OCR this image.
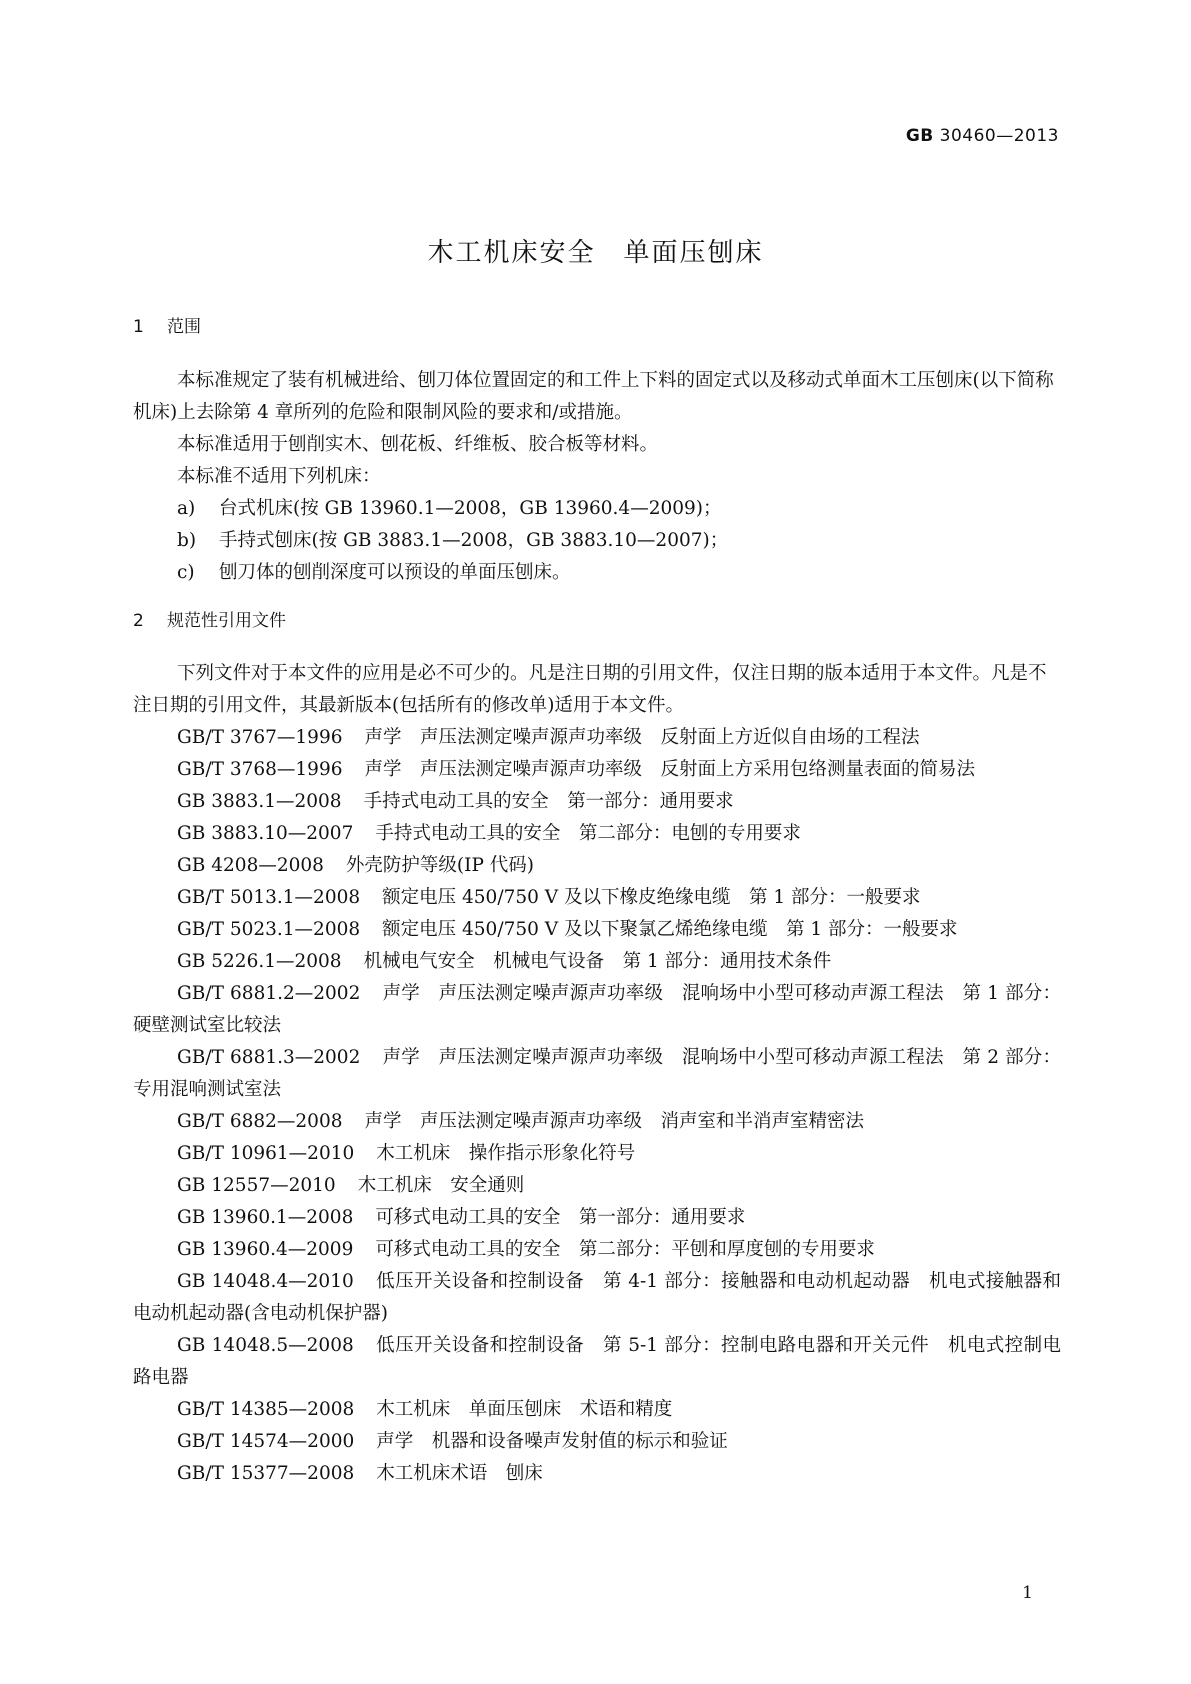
GB 30460—2013
木工机床安全 单面压刨床
1 范围

本标准规定了装有机械进给、刨刀体位置固定的和工件上下料的固定式以及移动式单面木工压刨床(以下简称机床)上去除第 4 章所列的危险和限制风险的要求和/或措施。

本标准适用于刨削实木、刨花板、纤维板、胶合板等材料。

本标准不适用下列机床：

a) 台式机床(按 GB 13960.1—2008，GB 13960.4—2009)；

b) 手持式刨床(按 GB 3883.1—2008，GB 3883.10—2007)；

c) 刨刀体的刨削深度可以预设的单面压刨床。

2 规范性引用文件

下列文件对于本文件的应用是必不可少的。凡是注日期的引用文件，仅注日期的版本适用于本文件。凡是不注日期的引用文件，其最新版本(包括所有的修改单)适用于本文件。

GB/T 3767—1996 声学　声压法测定噪声源声功率级　反射面上方近似自由场的工程法

GB/T 3768—1996 声学　声压法测定噪声源声功率级　反射面上方采用包络测量表面的简易法

GB 3883.1—2008 手持式电动工具的安全　第一部分：通用要求

GB 3883.10—2007 手持式电动工具的安全　第二部分：电刨的专用要求

GB 4208—2008 外壳防护等级(IP 代码)

GB/T 5013.1—2008 额定电压 450/750 V 及以下橡皮绝缘电缆　第 1 部分：一般要求

GB/T 5023.1—2008 额定电压 450/750 V 及以下聚氯乙烯绝缘电缆　第 1 部分：一般要求

GB 5226.1—2008 机械电气安全　机械电气设备　第 1 部分：通用技术条件

GB/T 6881.2—2002 声学　声压法测定噪声源声功率级　混响场中小型可移动声源工程法　第 1 部分：硬壁测试室比较法

GB/T 6881.3—2002 声学　声压法测定噪声源声功率级　混响场中小型可移动声源工程法　第 2 部分：专用混响测试室法

GB/T 6882—2008 声学　声压法测定噪声源声功率级　消声室和半消声室精密法

GB/T 10961—2010 木工机床　操作指示形象化符号

GB 12557—2010 木工机床　安全通则

GB 13960.1—2008 可移式电动工具的安全　第一部分：通用要求

GB 13960.4—2009 可移式电动工具的安全　第二部分：平刨和厚度刨的专用要求

GB 14048.4—2010 低压开关设备和控制设备　第 4-1 部分：接触器和电动机起动器　机电式接触器和电动机起动器(含电动机保护器)

GB 14048.5—2008 低压开关设备和控制设备　第 5-1 部分：控制电路电器和开关元件　机电式控制电路电器

GB/T 14385—2008 木工机床　单面压刨床　术语和精度

GB/T 14574—2000 声学　机器和设备噪声发射值的标示和验证

GB/T 15377—2008 木工机床术语　刨床

1
